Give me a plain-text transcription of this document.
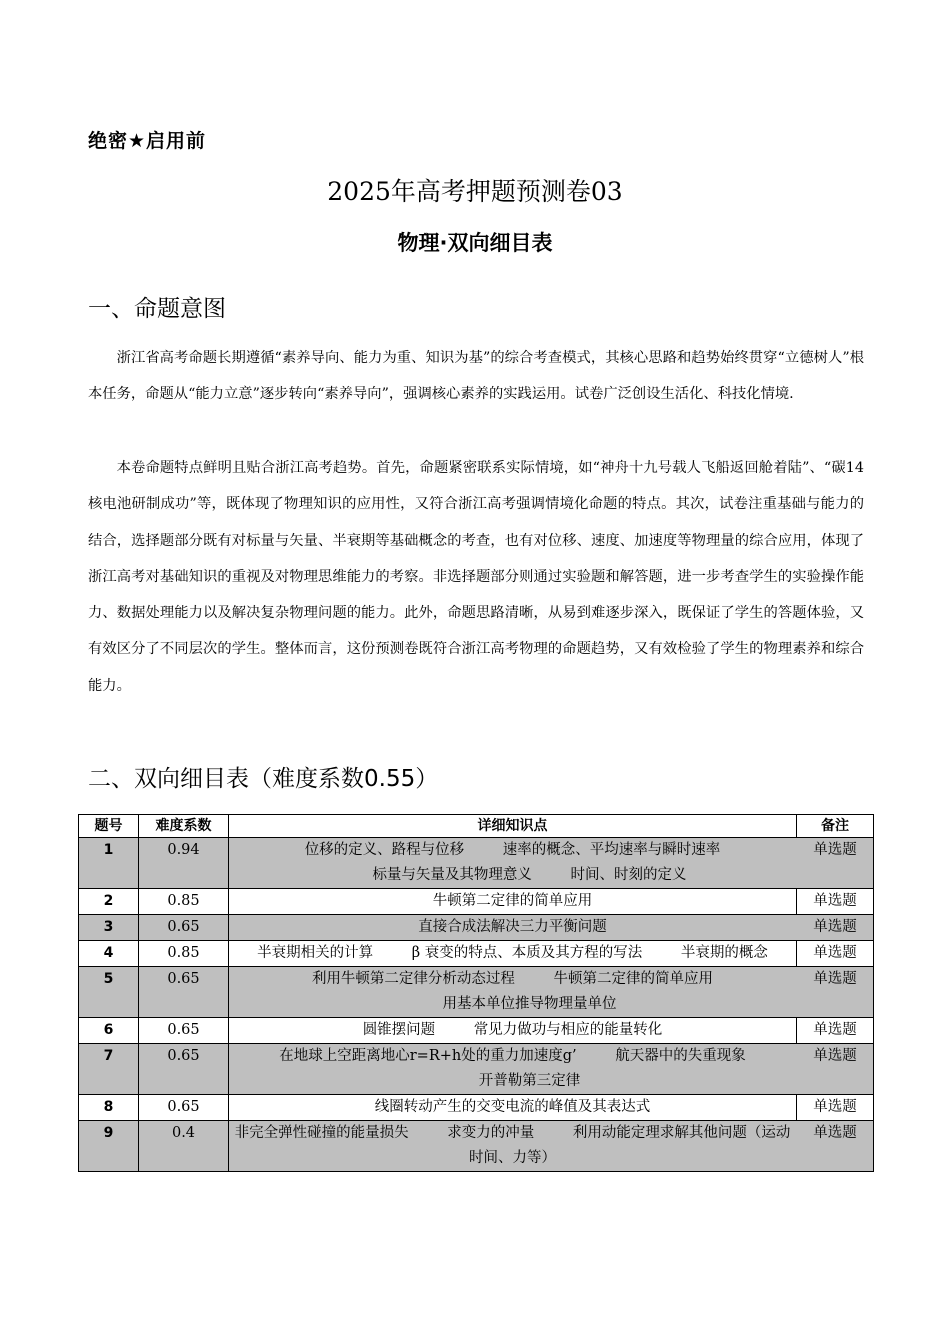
绝密★启用前
2025年高考押题预测卷03
物理·双向细目表
一、命题意图

浙江省高考命题长期遵循“素养导向、能力为重、知识为基”的综合考查模式，其核心思路和趋势始终贯穿“立德树人”根本任务，命题从“能力立意”逐步转向“素养导向”，强调核心素养的实践运用。试卷广泛创设生活化、科技化情境.

本卷命题特点鲜明且贴合浙江高考趋势。首先，命题紧密联系实际情境，如“神舟十九号载人飞船返回舱着陆”、“碳14核电池研制成功”等，既体现了物理知识的应用性，又符合浙江高考强调情境化命题的特点。其次，试卷注重基础与能力的结合，选择题部分既有对标量与矢量、半衰期等基础概念的考查，也有对位移、速度、加速度等物理量的综合应用，体现了浙江高考对基础知识的重视及对物理思维能力的考察。非选择题部分则通过实验题和解答题，进一步考查学生的实验操作能力、数据处理能力以及解决复杂物理问题的能力。此外，命题思路清晰，从易到难逐步深入，既保证了学生的答题体验，又有效区分了不同层次的学生。整体而言，这份预测卷既符合浙江高考物理的命题趋势，又有效检验了学生的物理素养和综合能力。

二、双向细目表（难度系数0.55）
题号	难度系数	详细知识点	备注
1	0.94	位移的定义、路程与位移 速率的概念、平均速率与瞬时速率 标量与矢量及其物理意义 时间、时刻的定义	单选题
2	0.85	牛顿第二定律的简单应用	单选题
3	0.65	直接合成法解决三力平衡问题	单选题
4	0.85	半衰期相关的计算 β 衰变的特点、本质及其方程的写法 半衰期的概念	单选题
5	0.65	利用牛顿第二定律分析动态过程 牛顿第二定律的简单应用 用基本单位推导物理量单位	单选题
6	0.65	圆锥摆问题 常见力做功与相应的能量转化	单选题
7	0.65	在地球上空距离地心r=R+h处的重力加速度g’ 航天器中的失重现象 开普勒第三定律	单选题
8	0.65	线圈转动产生的交变电流的峰值及其表达式	单选题
9	0.4	非完全弹性碰撞的能量损失 求变力的冲量 利用动能定理求解其他问题（运动时间、力等）	单选题
